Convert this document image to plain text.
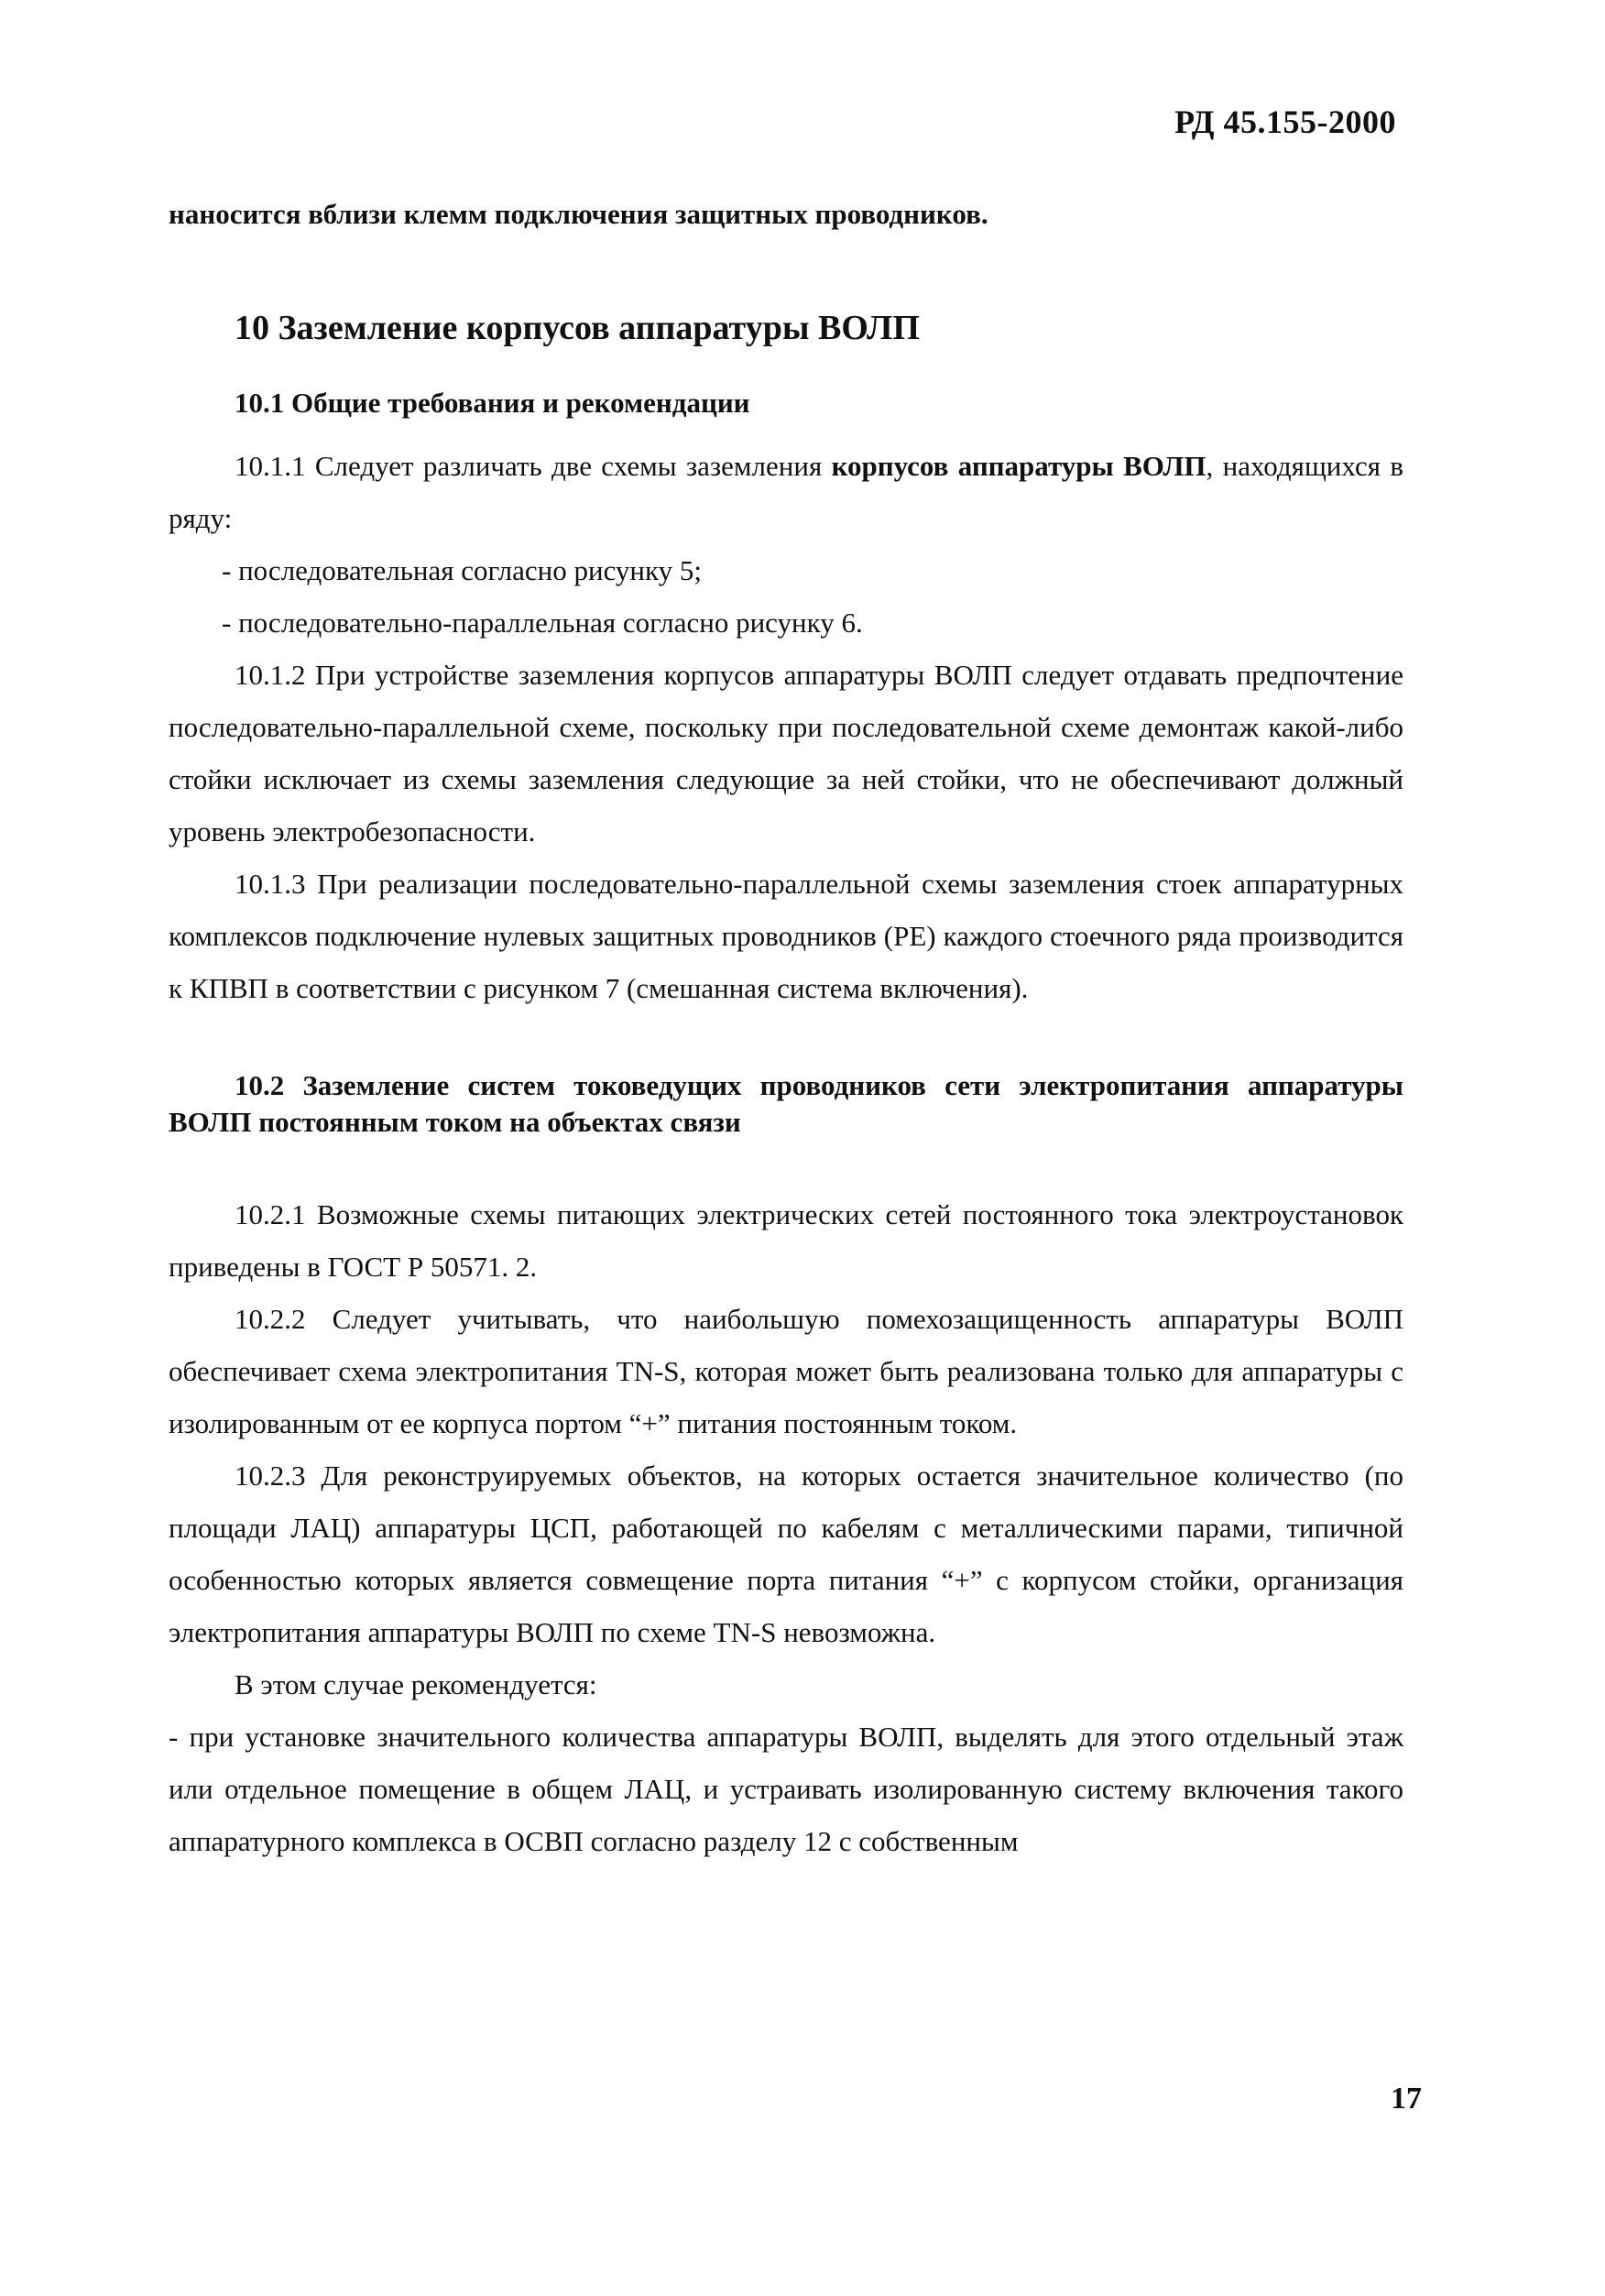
РД 45.155-2000

наносится вблизи клемм подключения защитных проводников.

10 Заземление корпусов аппаратуры ВОЛП
10.1 Общие требования и рекомендации

10.1.1 Следует различать две схемы заземления корпусов аппаратуры ВОЛП, находящихся в ряду:

- последовательная согласно рисунку 5;

- последовательно-параллельная согласно рисунку 6.

10.1.2 При устройстве заземления корпусов аппаратуры ВОЛП следует отдавать предпочтение последовательно-параллельной схеме, поскольку при последовательной схеме демонтаж какой-либо стойки исключает из схемы заземления следующие за ней стойки, что не обеспечивают должный уровень электробезопасности.

10.1.3 При реализации последовательно-параллельной схемы заземления стоек аппаратурных комплексов подключение нулевых защитных проводников (РЕ) каждого стоечного ряда производится к КПВП в соответствии с рисунком 7 (смешанная система включения).

10.2 Заземление систем токоведущих проводников сети электропитания аппаратуры ВОЛП постоянным током на объектах связи

10.2.1 Возможные схемы питающих электрических сетей постоянного тока электроустановок приведены в ГОСТ Р 50571. 2.

10.2.2 Следует учитывать, что наибольшую помехозащищенность аппаратуры ВОЛП обеспечивает схема электропитания TN-S, которая может быть реализована только для аппаратуры с изолированным от ее корпуса портом “+” питания постоянным током.

10.2.3 Для реконструируемых объектов, на которых остается значительное количество (по площади ЛАЦ) аппаратуры ЦСП, работающей по кабелям с металлическими парами, типичной особенностью которых является совмещение порта питания “+” с корпусом стойки, организация электропитания аппаратуры ВОЛП по схеме TN-S невозможна.

В этом случае рекомендуется:

- при установке значительного количества аппаратуры ВОЛП, выделять для этого отдельный этаж или отдельное помещение в общем ЛАЦ, и устраивать изолированную систему включения такого аппаратурного комплекса в ОСВП согласно разделу 12 с собственным

17
